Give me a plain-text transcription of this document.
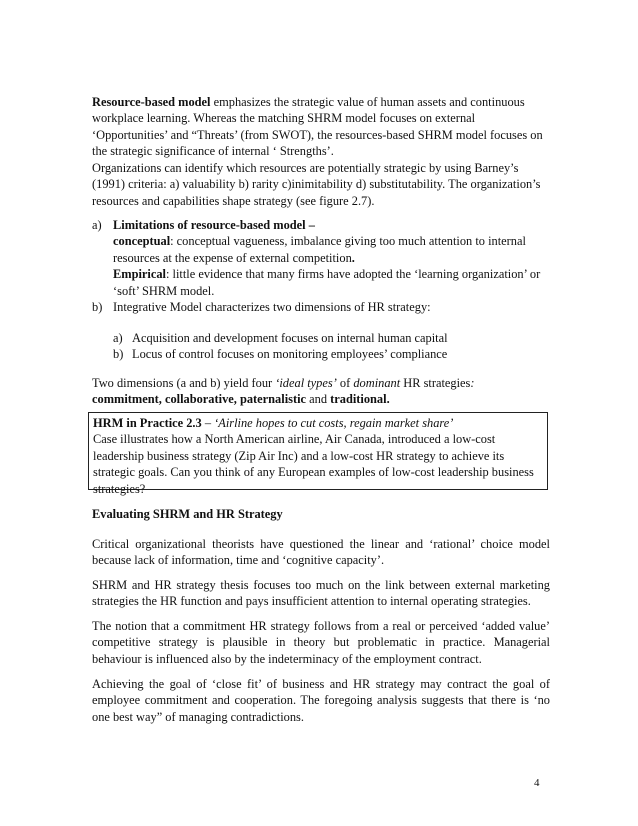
Resource-based model emphasizes the strategic value of human assets and continuous workplace learning. Whereas the matching SHRM model focuses on external ‘Opportunities’ and “Threats’ (from SWOT), the resources-based SHRM model focuses on the strategic significance of internal ‘ Strengths’.

Organizations can identify which resources are potentially strategic by using Barney’s (1991) criteria: a) valuability b) rarity c)inimitability d) substitutability. The organization’s resources and capabilities shape strategy (see figure 2.7).

a) Limitations of resource-based model –
conceptual: conceptual vagueness, imbalance giving too much attention to internal resources at the expense of external competition.
Empirical: little evidence that many firms have adopted the ‘learning organization’ or ‘soft’ SHRM model.
b) Integrative Model characterizes two dimensions of HR strategy:
a) Acquisition and development focuses on internal human capital
b) Locus of control focuses on monitoring employees’ compliance

Two dimensions (a and b) yield four ‘ideal types’ of dominant HR strategies:
commitment, collaborative, paternalistic and traditional.

HRM in Practice 2.3 – ‘Airline hopes to cut costs, regain market share’
Case illustrates how a North American airline, Air Canada, introduced a low-cost leadership business strategy (Zip Air Inc) and a low-cost HR strategy to achieve its strategic goals. Can you think of any European examples of low-cost leadership business strategies?
Evaluating SHRM and HR Strategy

Critical organizational theorists have questioned the linear and ‘rational’ choice model because lack of information, time and ‘cognitive capacity’.

SHRM and HR strategy thesis focuses too much on the link between external marketing strategies the HR function and pays insufficient attention to internal operating strategies.

The notion that a commitment HR strategy follows from a real or perceived ‘added value’ competitive strategy is plausible in theory but problematic in practice. Managerial behaviour is influenced also by the indeterminacy of the employment contract.

Achieving the goal of ‘close fit’ of business and HR strategy may contract the goal of employee commitment and cooperation. The foregoing analysis suggests that there is ‘no one best way” of managing contradictions.

4
